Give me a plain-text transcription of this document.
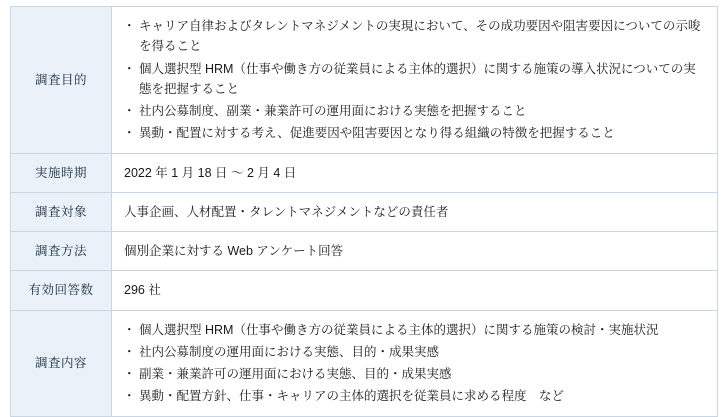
調査目的	
・ キャリア自律およびタレントマネジメントの実現において、その成功要因や阻害要因についての示唆を得ること
・ 個人選択型 HRM（仕事や働き方の従業員による主体的選択）に関する施策の導入状況についての実態を把握すること
・ 社内公募制度、副業・兼業許可の運用面における実態を把握すること
・ 異動・配置に対する考え、促進要因や阻害要因となり得る組織の特徴を把握すること

実施時期	2022 年 1 月 18 日 〜 2 月 4 日

調査対象	人事企画、人材配置・タレントマネジメントなどの責任者

調査方法	個別企業に対する Web アンケート回答

有効回答数	296 社

調査内容	
・ 個人選択型 HRM（仕事や働き方の従業員による主体的選択）に関する施策の検討・実施状況
・ 社内公募制度の運用面における実態、目的・成果実感
・ 副業・兼業許可の運用面における実態、目的・成果実感
・ 異動・配置方針、仕事・キャリアの主体的選択を従業員に求める程度　など
